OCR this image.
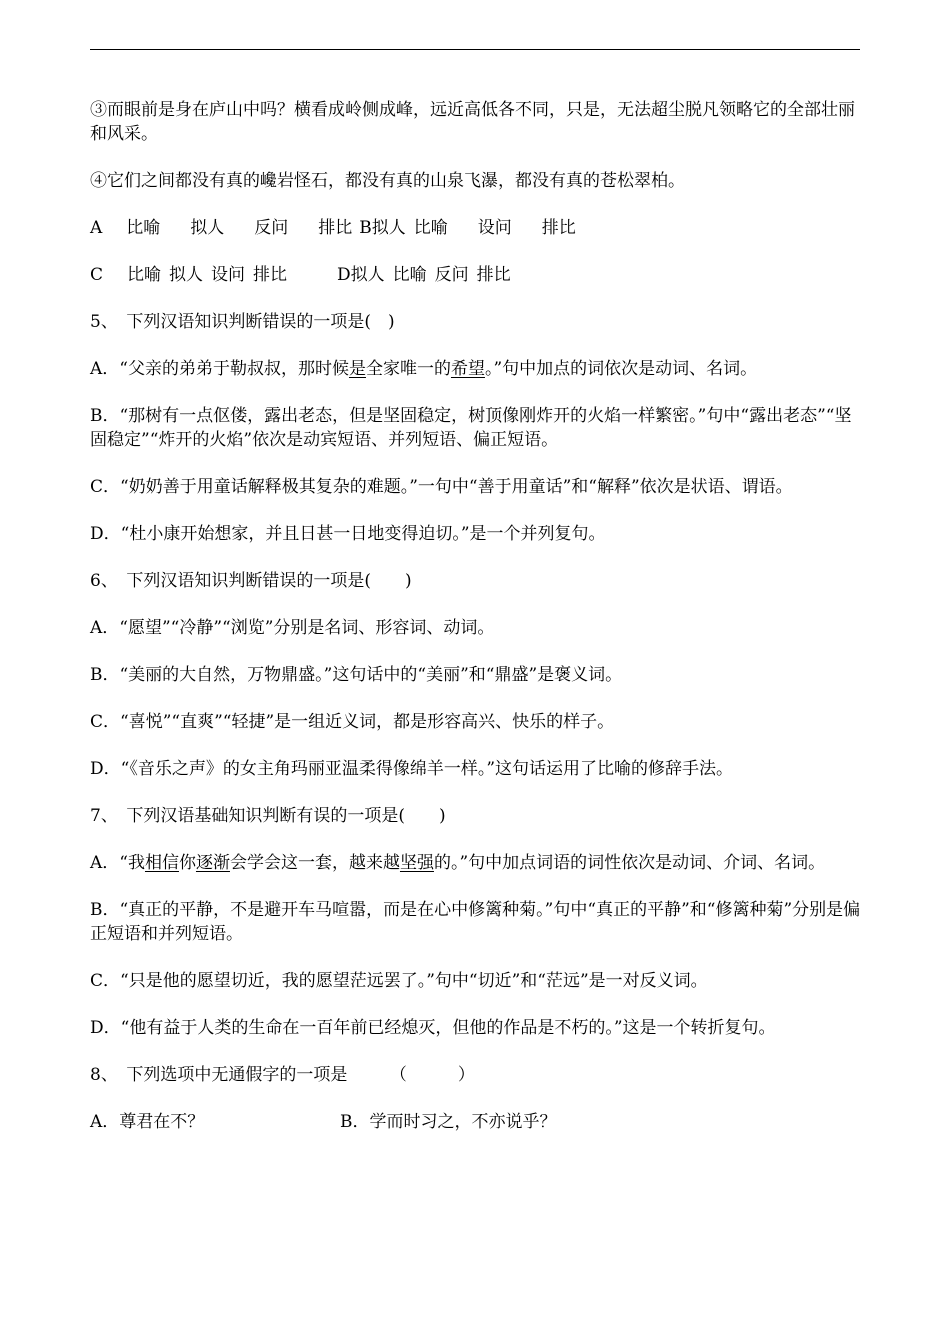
③而眼前是身在庐山中吗？横看成岭侧成峰，远近高低各不同，只是，无法超尘脱凡领略它的全部壮丽和风采。
④它们之间都没有真的巉岩怪石，都没有真的山泉飞瀑，都没有真的苍松翠柏。
A 比喻 拟人 反问 排比 B拟人 比喻 设问 排比
C 比喻 拟人 设问 排比	D拟人 比喻 反问 排比
5、　下列汉语知识判断错误的一项是(　)
A．“父亲的弟弟于勒叔叔，那时候是全家唯一的希望。”句中加点的词依次是动词、名词。
B．“那树有一点伛偻，露出老态，但是坚固稳定，树顶像刚炸开的火焰一样繁密。”句中“露出老态”“坚固稳定”“炸开的火焰”依次是动宾短语、并列短语、偏正短语。
C．“奶奶善于用童话解释极其复杂的难题。”一句中“善于用童话”和“解释”依次是状语、谓语。
D．“杜小康开始想家，并且日甚一日地变得迫切。”是一个并列复句。
6、　下列汉语知识判断错误的一项是(　　)
A．“愿望”“冷静”“浏览”分别是名词、形容词、动词。
B．“美丽的大自然，万物鼎盛。”这句话中的“美丽”和“鼎盛”是褒义词。
C．“喜悦”“直爽”“轻捷”是一组近义词，都是形容高兴、快乐的样子。
D．“《音乐之声》的女主角玛丽亚温柔得像绵羊一样。”这句话运用了比喻的修辞手法。
7、　下列汉语基础知识判断有误的一项是(　　)
A．“我相信你逐渐会学会这一套，越来越坚强的。”句中加点词语的词性依次是动词、介词、名词。
B．“真正的平静，不是避开车马喧嚣，而是在心中修篱种菊。”句中“真正的平静”和“修篱种菊”分别是偏正短语和并列短语。
C．“只是他的愿望切近，我的愿望茫远罢了。”句中“切近”和“茫远”是一对反义词。
D．“他有益于人类的生命在一百年前已经熄灭，但他的作品是不朽的。”这是一个转折复句。
8、　下列选项中无通假字的一项是　　　（　　　）
A．尊君在不？	B．学而时习之，不亦说乎？
